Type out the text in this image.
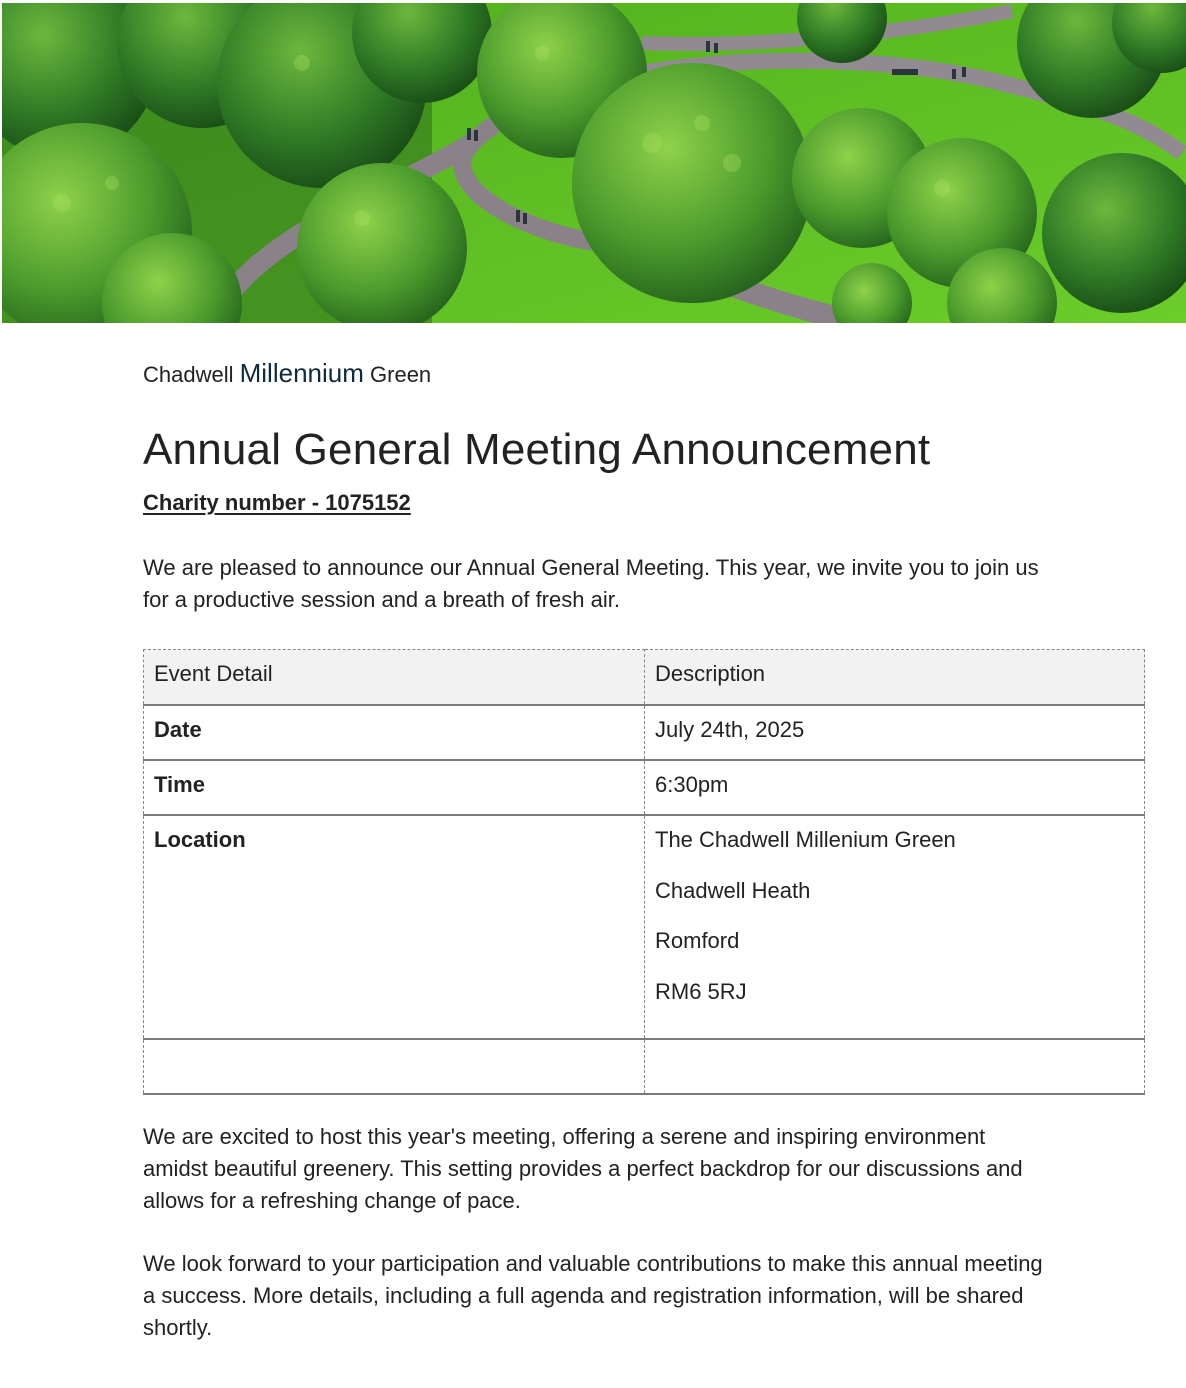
Chadwell Millennium Green
Annual General Meeting Announcement
Charity number - 1075152

We are pleased to announce our Annual General Meeting. This year, we invite you to join us for a productive session and a breath of fresh air.

Event Detail	Description
Date	July 24th, 2025
Time	6:30pm
Location	The Chadwell Millenium Green
Chadwell Heath
Romford
RM6 5RJ

We are excited to host this year's meeting, offering a serene and inspiring environment amidst beautiful greenery. This setting provides a perfect backdrop for our discussions and allows for a refreshing change of pace.

We look forward to your participation and valuable contributions to make this annual meeting a success. More details, including a full agenda and registration information, will be shared shortly.
